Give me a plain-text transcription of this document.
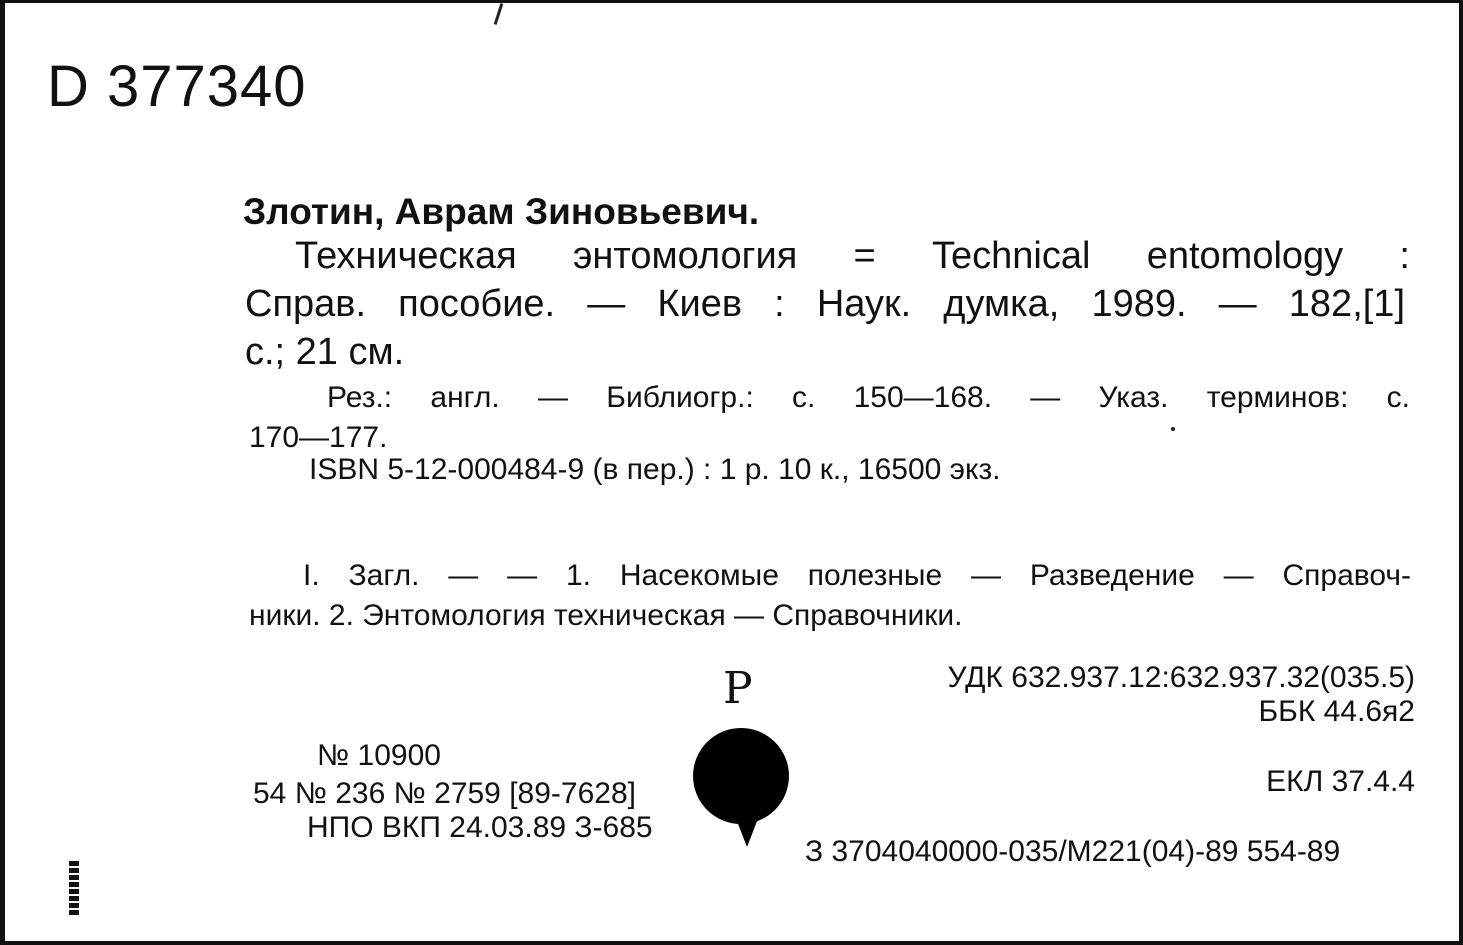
D 377340
Злотин, Аврам Зиновьевич.
Техническая энтомология = Technical entomology :
Справ. пособие. — Киев : Наук. думка, 1989. — 182,[1]
с.; 21 см.
Рез.: англ. — Библиогр.: с. 150—168. — Указ. терминов: с.
170—177.
ISBN 5-12-000484-9 (в пер.) : 1 р. 10 к., 16500 экз.
I. Загл. — — 1. Насекомые полезные — Разведение — Справоч-
ники. 2. Энтомология техническая — Справочники.
P	УДК 632.937.12:632.937.32(035.5)
ББК 44.6я2
ЕКЛ 37.4.4
№ 10900
54 № 236 № 2759 [89-7628]
НПО ВКП 24.03.89 З-685
З 3704040000-035/M221(04)-89 554-89
